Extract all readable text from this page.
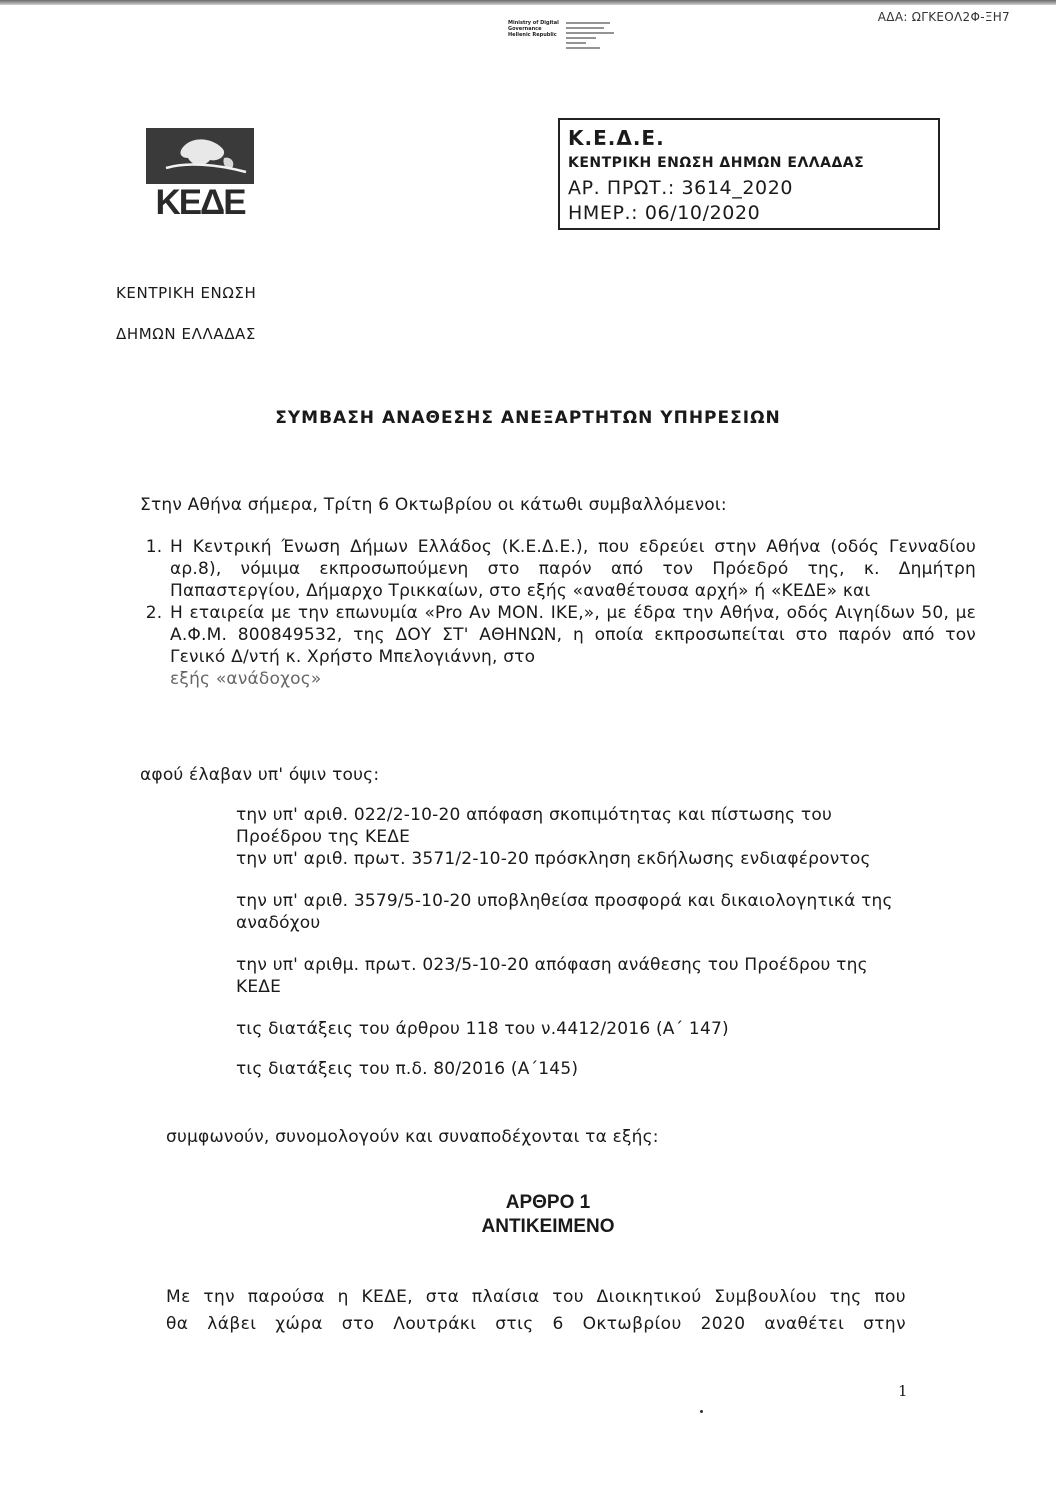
ΑΔΑ: ΩΓΚΕΟΛ2Φ-ΞΗ7
Ministry of Digital
Governance
Hellenic Republic

ΚΕΔΕ
Κ.Ε.Δ.Ε.
ΚΕΝΤΡΙΚΗ ΕΝΩΣΗ ΔΗΜΩΝ ΕΛΛΑΔΑΣ
ΑΡ. ΠΡΩΤ.: 3614_2020
ΗΜΕΡ.: 06/10/2020
ΚΕΝΤΡΙΚΗ ΕΝΩΣΗ
ΔΗΜΩΝ ΕΛΛΑΔΑΣ
ΣΥΜΒΑΣΗ ΑΝΑΘΕΣΗΣ ΑΝΕΞΑΡΤΗΤΩΝ ΥΠΗΡΕΣΙΩΝ
Στην Αθήνα σήμερα, Τρίτη 6 Οκτωβρίου οι κάτωθι συμβαλλόμενοι:
1. Η Κεντρική Ένωση Δήμων Ελλάδος (Κ.Ε.Δ.Ε.), που εδρεύει στην Αθήνα (οδός Γενναδίου αρ.8), νόμιμα εκπροσωπούμενη στο παρόν από τον Πρόεδρό της, κ. Δημήτρη Παπαστεργίου, Δήμαρχο Τρικκαίων, στο εξής «αναθέτουσα αρχή» ή «ΚΕΔΕ» και
2. Η εταιρεία με την επωνυμία «Pro Αν ΜΟΝ. ΙΚΕ,», με έδρα την Αθήνα, οδός Αιγηίδων 50, με Α.Φ.Μ. 800849532, της ΔΟΥ ΣΤ' ΑΘΗΝΩΝ, η οποία εκπροσωπείται στο παρόν από τον Γενικό Δ/ντή κ. Χρήστο Μπελογιάννη, στο
εξής «ανάδοχος»
αφού έλαβαν υπ' όψιν τους:
την υπ' αριθ. 022/2-10-20 απόφαση σκοπιμότητας και πίστωσης του Προέδρου της ΚΕΔΕ
την υπ' αριθ. πρωτ. 3571/2-10-20 πρόσκληση εκδήλωσης ενδιαφέροντος
την υπ' αριθ. 3579/5-10-20 υποβληθείσα προσφορά και δικαιολογητικά της αναδόχου
την υπ' αριθμ. πρωτ. 023/5-10-20 απόφαση ανάθεσης του Προέδρου της ΚΕΔΕ
τις διατάξεις του άρθρου 118 του ν.4412/2016 (Α΄ 147)
τις διατάξεις του π.δ. 80/2016 (Α΄145)
συμφωνούν, συνομολογούν και συναποδέχονται τα εξής:
ΑΡΘΡΟ 1
ΑΝΤΙΚΕΙΜΕΝΟ
Με την παρούσα η ΚΕΔΕ, στα πλαίσια του Διοικητικού Συμβουλίου της που
θα λάβει χώρα στο Λουτράκι στις 6 Οκτωβρίου 2020 αναθέτει στην
1
